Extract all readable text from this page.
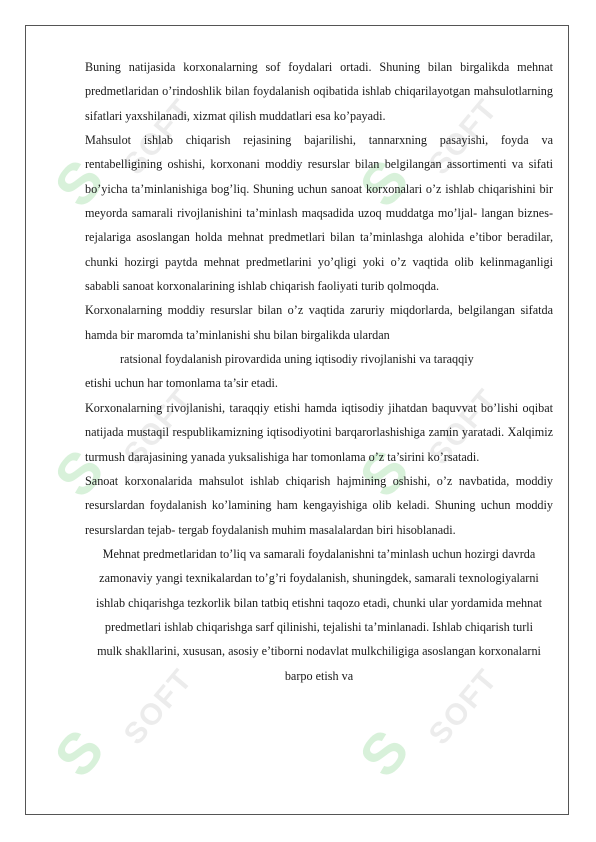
S
SOFT
S
SOFT
S
SOFT
S
SOFT
S
SOFT
S
SOFT

Buning natijasida korxonalarning sof foydalari ortadi. Shuning bilan birgalikda mehnat predmetlaridan o’rindoshlik bilan foydalanish oqibatida ishlab chiqarilayotgan mahsulotlarning sifatlari yaxshilanadi, xizmat qilish muddatlari esa ko’payadi.

Mahsulot ishlab chiqarish rejasining bajarilishi, tannarxning pasayishi, foyda va rentabelligining oshishi, korxonani moddiy resurslar bilan belgilangan assortimenti va sifati bo’yicha ta’minlanishiga bog’liq. Shuning uchun sanoat korxonalari o’z ishlab chiqarishini bir meyorda samarali rivojlanishini ta’minlash maqsadida uzoq muddatga mo’ljal- langan biznes-rejalariga asoslangan holda mehnat predmetlari bilan ta’minlashga alohida e’tibor beradilar, chunki hozirgi paytda mehnat predmetlarini yo’qligi yoki o’z vaqtida olib kelinmaganligi sababli sanoat korxonalarining ishlab chiqarish faoliyati turib qolmoqda.

Korxonalarning moddiy resurslar bilan o’z vaqtida zaruriy miqdorlarda, belgilangan sifatda hamda bir maromda ta’minlanishi shu bilan birgalikda ulardan

ratsional foydalanish pirovardida uning iqtisodiy rivojlanishi va taraqqiy

etishi uchun har tomonlama ta’sir etadi.

Korxonalarning rivojlanishi, taraqqiy etishi hamda iqtisodiy jihatdan baquvvat bo’lishi oqibat natijada mustaqil respublikamizning iqtisodiyotini barqarorlashishiga zamin yaratadi. Xalqimiz turmush darajasining yanada yuksalishiga har tomonlama o’z ta’sirini ko’rsatadi.

Sanoat korxonalarida mahsulot ishlab chiqarish hajmining oshishi, o’z navbatida, moddiy resurslardan foydalanish ko’lamining ham kengayishiga olib keladi. Shuning uchun moddiy resurslardan tejab- tergab foydalanish muhim masalalardan biri hisoblanadi.

Mehnat predmetlaridan to’liq va samarali foydalanishni ta’minlash uchun hozirgi davrda zamonaviy yangi texnikalardan to’g’ri foydalanish, shuningdek, samarali texnologiyalarni ishlab chiqarishga tezkorlik bilan tatbiq etishni taqozo etadi, chunki ular yordamida mehnat predmetlari ishlab chiqarishga sarf qilinishi, tejalishi ta’minlanadi. Ishlab chiqarish turli mulk shakllarini, xususan, asosiy e’tiborni nodavlat mulkchiligiga asoslangan korxonalarni barpo etish va
